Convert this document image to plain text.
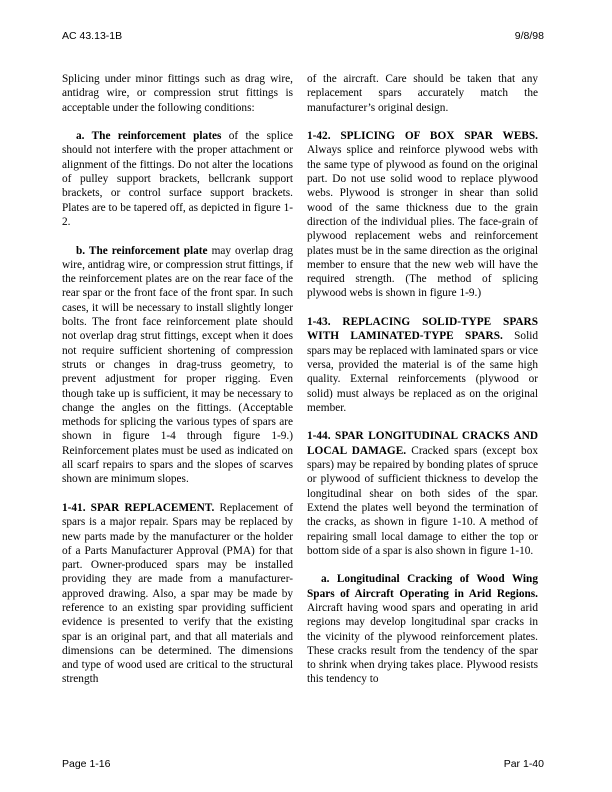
AC 43.13-1B	9/8/98

Splicing under minor fittings such as drag wire, antidrag wire, or compression strut fittings is acceptable under the following conditions:

a. The reinforcement plates of the splice should not interfere with the proper attachment or alignment of the fittings. Do not alter the locations of pulley support brackets, bellcrank support brackets, or control surface support brackets. Plates are to be tapered off, as depicted in figure 1-2.

b. The reinforcement plate may overlap drag wire, antidrag wire, or compression strut fittings, if the reinforcement plates are on the rear face of the rear spar or the front face of the front spar. In such cases, it will be necessary to install slightly longer bolts. The front face reinforcement plate should not overlap drag strut fittings, except when it does not require sufficient shortening of compression struts or changes in drag-truss geometry, to prevent adjustment for proper rigging. Even though take up is sufficient, it may be necessary to change the angles on the fittings. (Acceptable methods for splicing the various types of spars are shown in figure 1-4 through figure 1-9.) Reinforcement plates must be used as indicated on all scarf repairs to spars and the slopes of scarves shown are minimum slopes.

1-41. SPAR REPLACEMENT. Replacement of spars is a major repair. Spars may be replaced by new parts made by the manufacturer or the holder of a Parts Manufacturer Approval (PMA) for that part. Owner-produced spars may be installed providing they are made from a manufacturer-approved drawing. Also, a spar may be made by reference to an existing spar providing sufficient evidence is presented to verify that the existing spar is an original part, and that all materials and dimensions can be determined. The dimensions and type of wood used are critical to the structural strength

of the aircraft. Care should be taken that any replacement spars accurately match the manufacturer’s original design.

1-42. SPLICING OF BOX SPAR WEBS. Always splice and reinforce plywood webs with the same type of plywood as found on the original part. Do not use solid wood to replace plywood webs. Plywood is stronger in shear than solid wood of the same thickness due to the grain direction of the individual plies. The face-grain of plywood replacement webs and reinforcement plates must be in the same direction as the original member to ensure that the new web will have the required strength. (The method of splicing plywood webs is shown in figure 1-9.)

1-43. REPLACING SOLID-TYPE SPARS WITH LAMINATED-TYPE SPARS. Solid spars may be replaced with laminated spars or vice versa, provided the material is of the same high quality. External reinforcements (plywood or solid) must always be replaced as on the original member.

1-44. SPAR LONGITUDINAL CRACKS AND LOCAL DAMAGE. Cracked spars (except box spars) may be repaired by bonding plates of spruce or plywood of sufficient thickness to develop the longitudinal shear on both sides of the spar. Extend the plates well beyond the termination of the cracks, as shown in figure 1-10. A method of repairing small local damage to either the top or bottom side of a spar is also shown in figure 1-10.

a. Longitudinal Cracking of Wood Wing Spars of Aircraft Operating in Arid Regions. Aircraft having wood spars and operating in arid regions may develop longitudinal spar cracks in the vicinity of the plywood reinforcement plates. These cracks result from the tendency of the spar to shrink when drying takes place. Plywood resists this tendency to

Page 1-16	Par 1-40
